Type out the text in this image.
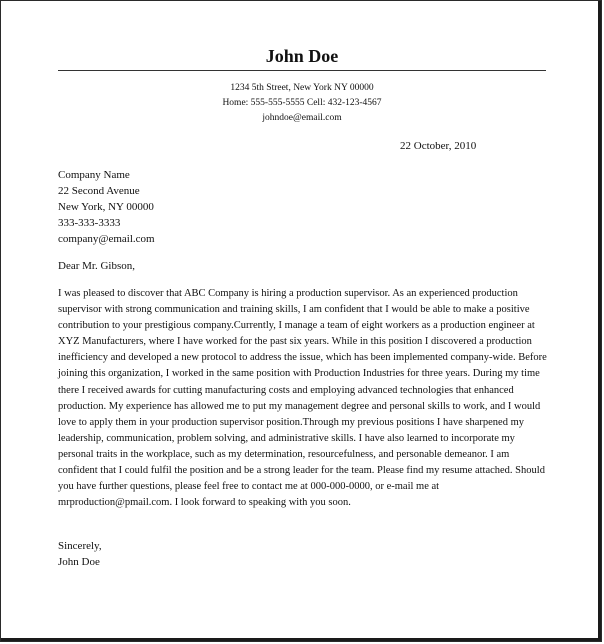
John Doe
1234 5th Street, New York NY 00000
Home: 555-555-5555 Cell: 432-123-4567
johndoe@email.com
22 October, 2010
Company Name
22 Second Avenue
New York, NY 00000
333-333-3333
company@email.com
Dear Mr. Gibson,

I was pleased to discover that ABC Company is hiring a production supervisor. As an experienced production supervisor with strong communication and training skills, I am confident that I would be able to make a positive contribution to your prestigious company.Currently, I manage a team of eight workers as a production engineer at XYZ Manufacturers, where I have worked for the past six years. While in this position I discovered a production inefficiency and developed a new protocol to address the issue, which has been implemented company-wide. Before joining this organization, I worked in the same position with Production Industries for three years. During my time there I received awards for cutting manufacturing costs and employing advanced technologies that enhanced production. My experience has allowed me to put my management degree and personal skills to work, and I would love to apply them in your production supervisor position.Through my previous positions I have sharpened my leadership, communication, problem solving, and administrative skills. I have also learned to incorporate my personal traits in the workplace, such as my determination, resourcefulness, and personable demeanor. I am confident that I could fulfil the position and be a strong leader for the team. Please find my resume attached. Should you have further questions, please feel free to contact me at 000-000-0000, or e-mail me at mrproduction@pmail.com. I look forward to speaking with you soon.

Sincerely,
John Doe
